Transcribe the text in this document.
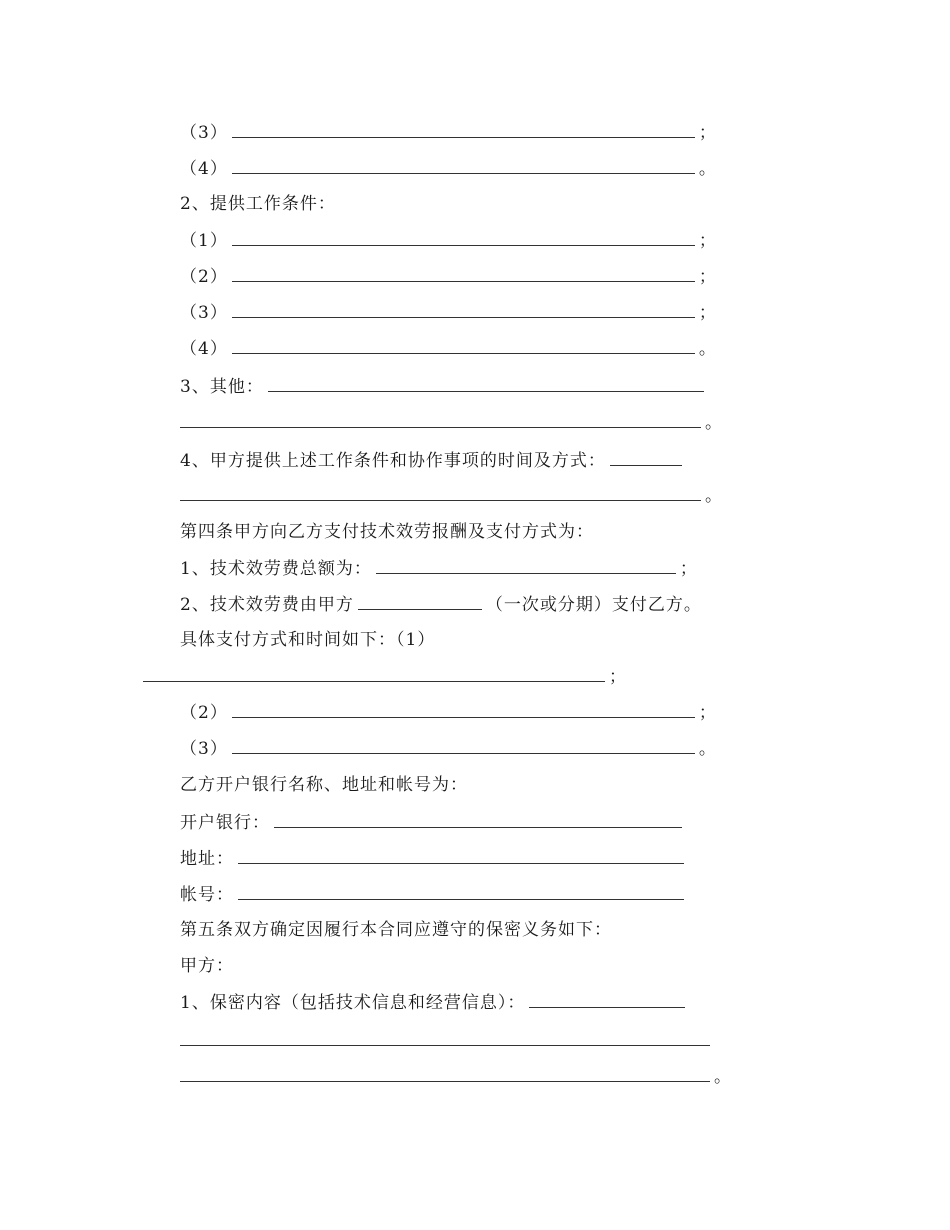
（3）	；
（4）	。
2、提供工作条件：
（1）	；
（2）	；
（3）	；
（4）	。
3、其他：
。
4、甲方提供上述工作条件和协作事项的时间及方式：
。
第四条甲方向乙方支付技术效劳报酬及支付方式为：
1、技术效劳费总额为：	；
2、技术效劳费由甲方	（一次或分期）支付乙方。
具体支付方式和时间如下：（1）
；
（2）	；
（3）	。
乙方开户银行名称、地址和帐号为：
开户银行：
地址：
帐号：
第五条双方确定因履行本合同应遵守的保密义务如下：
甲方：
1、保密内容（包括技术信息和经营信息）：
。
